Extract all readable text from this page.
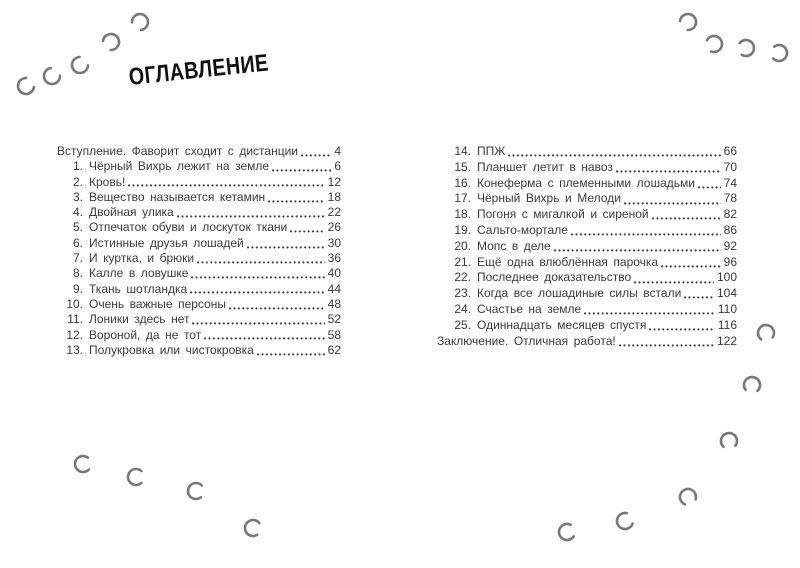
ОГЛАВЛЕНИЕ
Вступление. Фаворит сходит с дистанции	4
1. Чёрный Вихрь лежит на земле	6
2. Кровь!	12
3. Вещество называется кетамин	18
4. Двойная улика	22
5. Отпечаток обуви и лоскуток ткани	26
6. Истинные друзья лошадей	30
7. И куртка, и брюки	36
8. Калле в ловушке	40
9. Ткань шотландка	44
10. Очень важные персоны	48
11. Лоники здесь нет	52
12. Вороной, да не тот	58
13. Полукровка или чистокровка	62
14. ППЖ	66
15. Планшет летит в навоз	70
16. Конеферма с племенными лошадьми 74
17. Чёрный Вихрь и Мелоди	78
18. Погоня с мигалкой и сиреной	82
19. Сальто-мортале	86
20. Мопс в деле	92
21. Ещё одна влюблённая парочка	96
22. Последнее доказательство	100
23. Когда все лошадиные силы встали	104
24. Счастье на земле	110
25. Одиннадцать месяцев спустя	116
Заключение. Отличная работа!	122
